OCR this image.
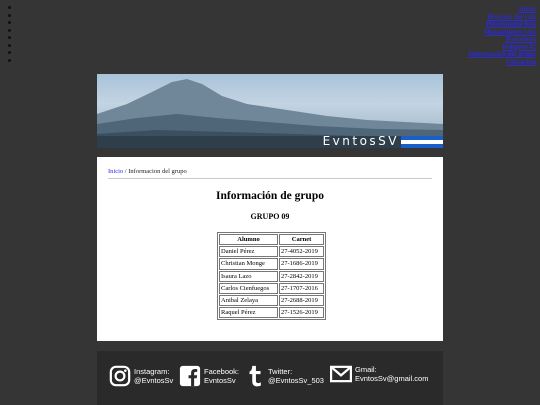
Inicio
Historia del vals
Hourborgue feta
Monastiques vots
Barcelona
Religion 42
Informacion del grupo
Ubicacion
EvntosSV
Inicio / Informacion del grupo
Información de grupo
GRUPO 09
Alumno	Carnet
Daniel Pérez	27-4052-2019
Christian Monge	27-1686-2019
Isaura Lazo	27-2842-2019
Carlos Cienfuegos	27-1707-2016
Anibal Zelaya	27-2688-2019
Raquel Pérez	27-1526-2019
Instagram:
@EvntosSv
Facebook:
EvntosSv
Twitter:
@EvntosSv_503
Gmail:
EvntosSv@gmail.com
